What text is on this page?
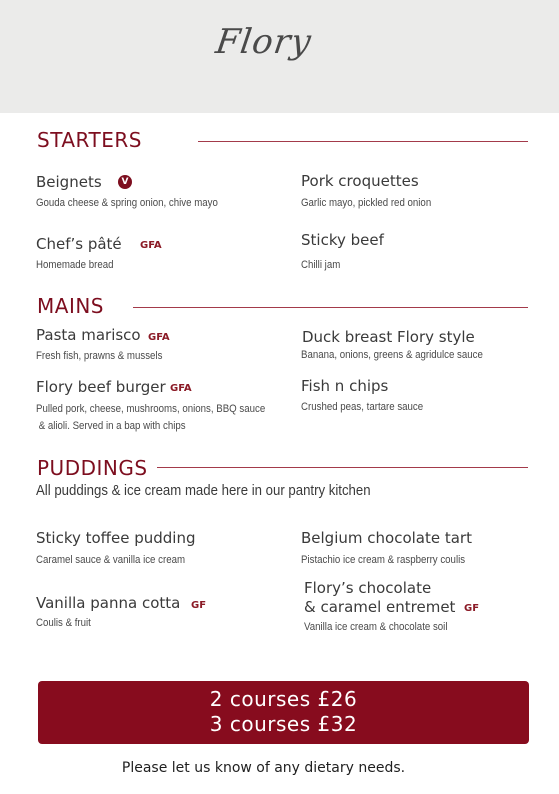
Flory
STARTERS
Beignets	V
Gouda cheese & spring onion, chive mayo
Pork croquettes
Garlic mayo, pickled red onion
Chef’s pâté GFA
Homemade bread
Sticky beef
Chilli jam
MAINS
Pasta marisco GFA
Fresh fish, prawns & mussels
Duck breast Flory style
Banana, onions, greens & agridulce sauce
Flory beef burger GFA
Pulled pork, cheese, mushrooms, onions, BBQ sauce
& alioli. Served in a bap with chips
Fish n chips
Crushed peas, tartare sauce
PUDDINGS
All puddings & ice cream made here in our pantry kitchen
Sticky toffee pudding
Caramel sauce & vanilla ice cream
Belgium chocolate tart
Pistachio ice cream & raspberry coulis
Vanilla panna cotta GF
Coulis & fruit
Flory’s chocolate
& caramel entremet GF
Vanilla ice cream & chocolate soil
2 courses £26
3 courses £32
Please let us know of any dietary needs.
